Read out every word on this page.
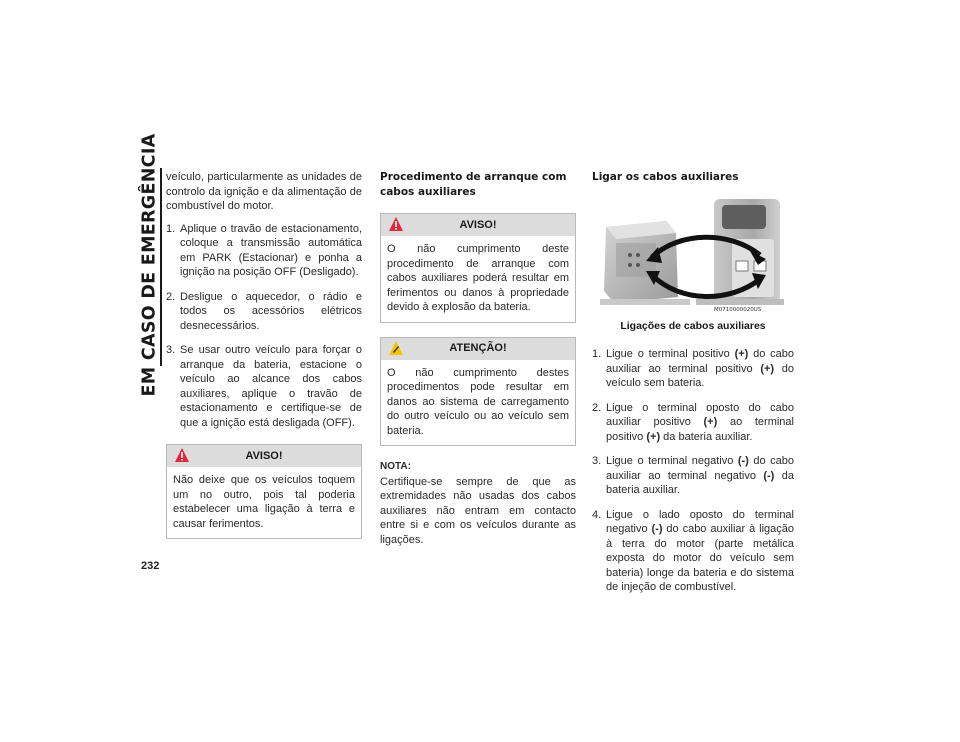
EM CASO DE EMERGÊNCIA
232

veículo, particularmente as unidades de controlo da ignição e da alimentação de combustível do motor.

1. Aplique o travão de estacionamento, coloque a transmissão automática em PARK (Estacionar) e ponha a ignição na posição OFF (Desligado).
2. Desligue o aquecedor, o rádio e todos os acessórios elétricos desnecessários.
3. Se usar outro veículo para forçar o arranque da bateria, estacione o veículo ao alcance dos cabos auxiliares, aplique o travão de estacionamento e certifique-se de que a ignição está desligada (OFF).
AVISO!
Não deixe que os veículos toquem um no outro, pois tal poderia estabelecer uma ligação à terra e causar ferimentos.
Procedimento de arranque com cabos auxiliares
AVISO!
O não cumprimento deste procedimento de arranque com cabos auxiliares poderá resultar em ferimentos ou danos à propriedade devido à explosão da bateria.
ATENÇÃO!
O não cumprimento destes procedimentos pode resultar em danos ao sistema de carregamento do outro veículo ou ao veículo sem bateria.
NOTA:

Certifique-se sempre de que as extremidades não usadas dos cabos auxiliares não entram em contacto entre si e com os veículos durante as ligações.

Ligar os cabos auxiliares
M0710000020US
Ligações de cabos auxiliares
1. Ligue o terminal positivo (+) do cabo auxiliar ao terminal positivo (+) do veículo sem bateria.
2. Ligue o terminal oposto do cabo auxiliar positivo (+) ao terminal positivo (+) da bateria auxiliar.
3. Ligue o terminal negativo (-) do cabo auxiliar ao terminal negativo (-) da bateria auxiliar.
4. Ligue o lado oposto do terminal negativo (-) do cabo auxiliar à ligação à terra do motor (parte metálica exposta do motor do veículo sem bateria) longe da bateria e do sistema de injeção de combustível.
